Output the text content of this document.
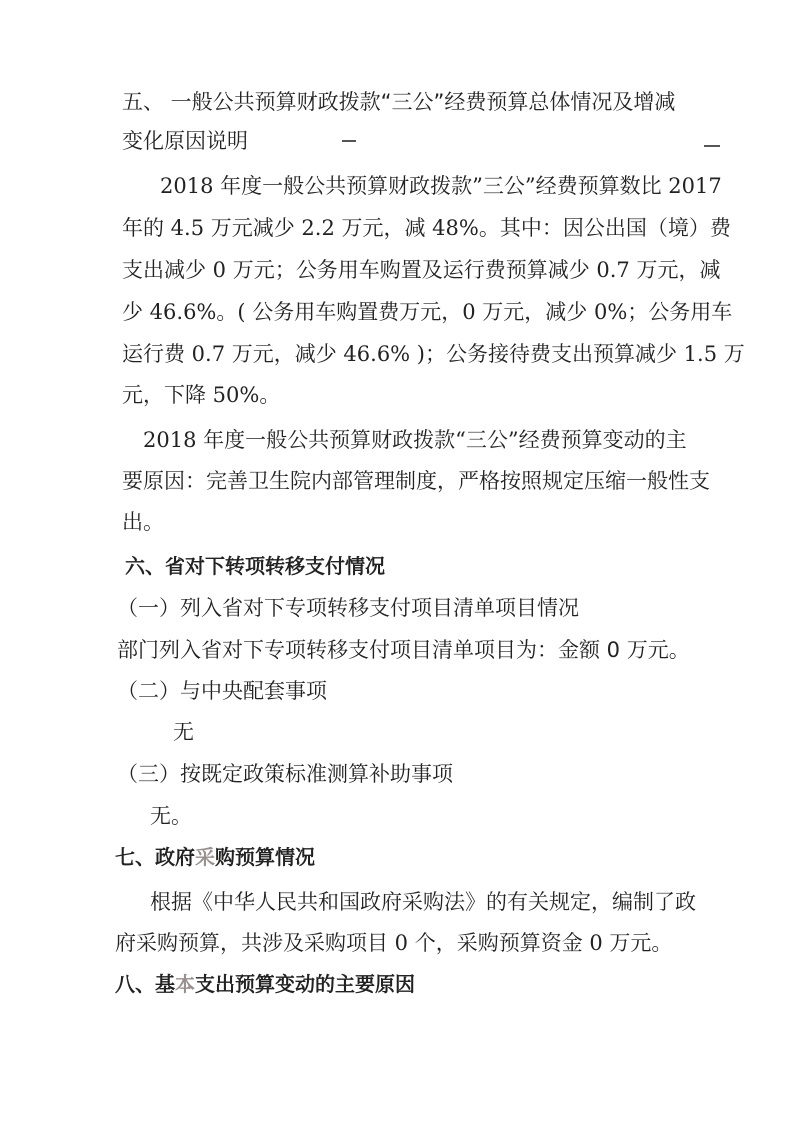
五、 一般公共预算财政拨款“三公”经费预算总体情况及增减
变化原因说明
2018 年度一般公共预算财政拨款”三公”经费预算数比 2017
年的 4.5 万元减少 2.2 万元，减 48%。其中：因公出国（境）费
支出减少 0 万元；公务用车购置及运行费预算减少 0.7 万元，减
少 46.6%。( 公务用车购置费万元，0 万元，减少 0%；公务用车
运行费 0.7 万元，减少 46.6% )；公务接待费支出预算减少 1.5 万
元，下降 50%。
2018 年度一般公共预算财政拨款“三公”经费预算变动的主
要原因：完善卫生院内部管理制度，严格按照规定压缩一般性支
出。
六、省对下转项转移支付情况
（一）列入省对下专项转移支付项目清单项目情况
部门列入省对下专项转移支付项目清单项目为： 金额 0 万元。
（二）与中央配套事项
无
（三）按既定政策标准测算补助事项
无。
七、政府采购预算情况
根据《中华人民共和国政府采购法》的有关规定，编制了政
府采购预算，共涉及采购项目 0 个，采购预算资金 0 万元。
八、基本支出预算变动的主要原因
